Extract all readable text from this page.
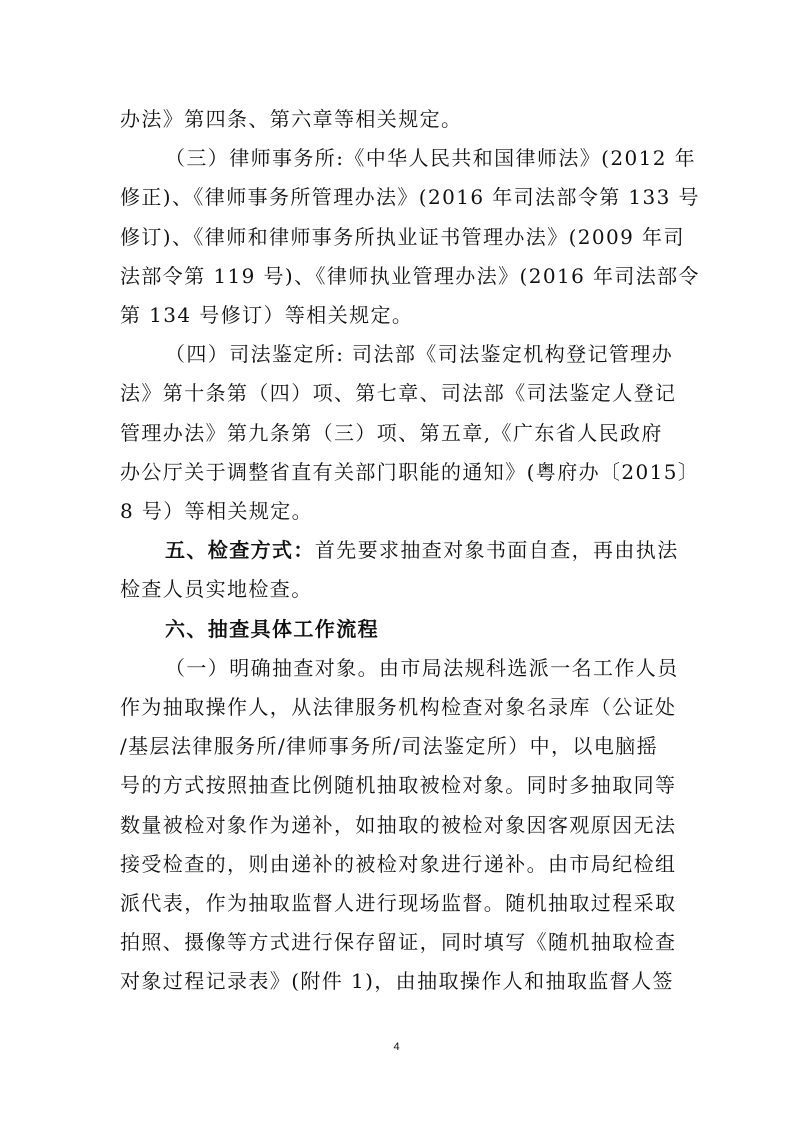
办法》第四条、第六章等相关规定。

（三）律师事务所:《中华人民共和国律师法》(2012 年
修正)、《律师事务所管理办法》(2016 年司法部令第 133 号
修订)、《律师和律师事务所执业证书管理办法》(2009 年司
法部令第 119 号)、《律师执业管理办法》(2016 年司法部令
第 134 号修订）等相关规定。

（四）司法鉴定所: 司法部《司法鉴定机构登记管理办
法》第十条第（四）项、第七章、司法部《司法鉴定人登记
管理办法》第九条第（三）项、第五章,《广东省人民政府
办公厅关于调整省直有关部门职能的通知》(粤府办〔2015〕
8 号）等相关规定。

五、检查方式：首先要求抽查对象书面自查，再由执法
检查人员实地检查。

六、抽查具体工作流程

（一）明确抽查对象。由市局法规科选派一名工作人员
作为抽取操作人，从法律服务机构检查对象名录库（公证处
/基层法律服务所/律师事务所/司法鉴定所）中，以电脑摇
号的方式按照抽查比例随机抽取被检对象。同时多抽取同等
数量被检对象作为递补，如抽取的被检对象因客观原因无法
接受检查的，则由递补的被检对象进行递补。由市局纪检组
派代表，作为抽取监督人进行现场监督。随机抽取过程采取
拍照、摄像等方式进行保存留证，同时填写《随机抽取检查
对象过程记录表》(附件 1)，由抽取操作人和抽取监督人签

4
